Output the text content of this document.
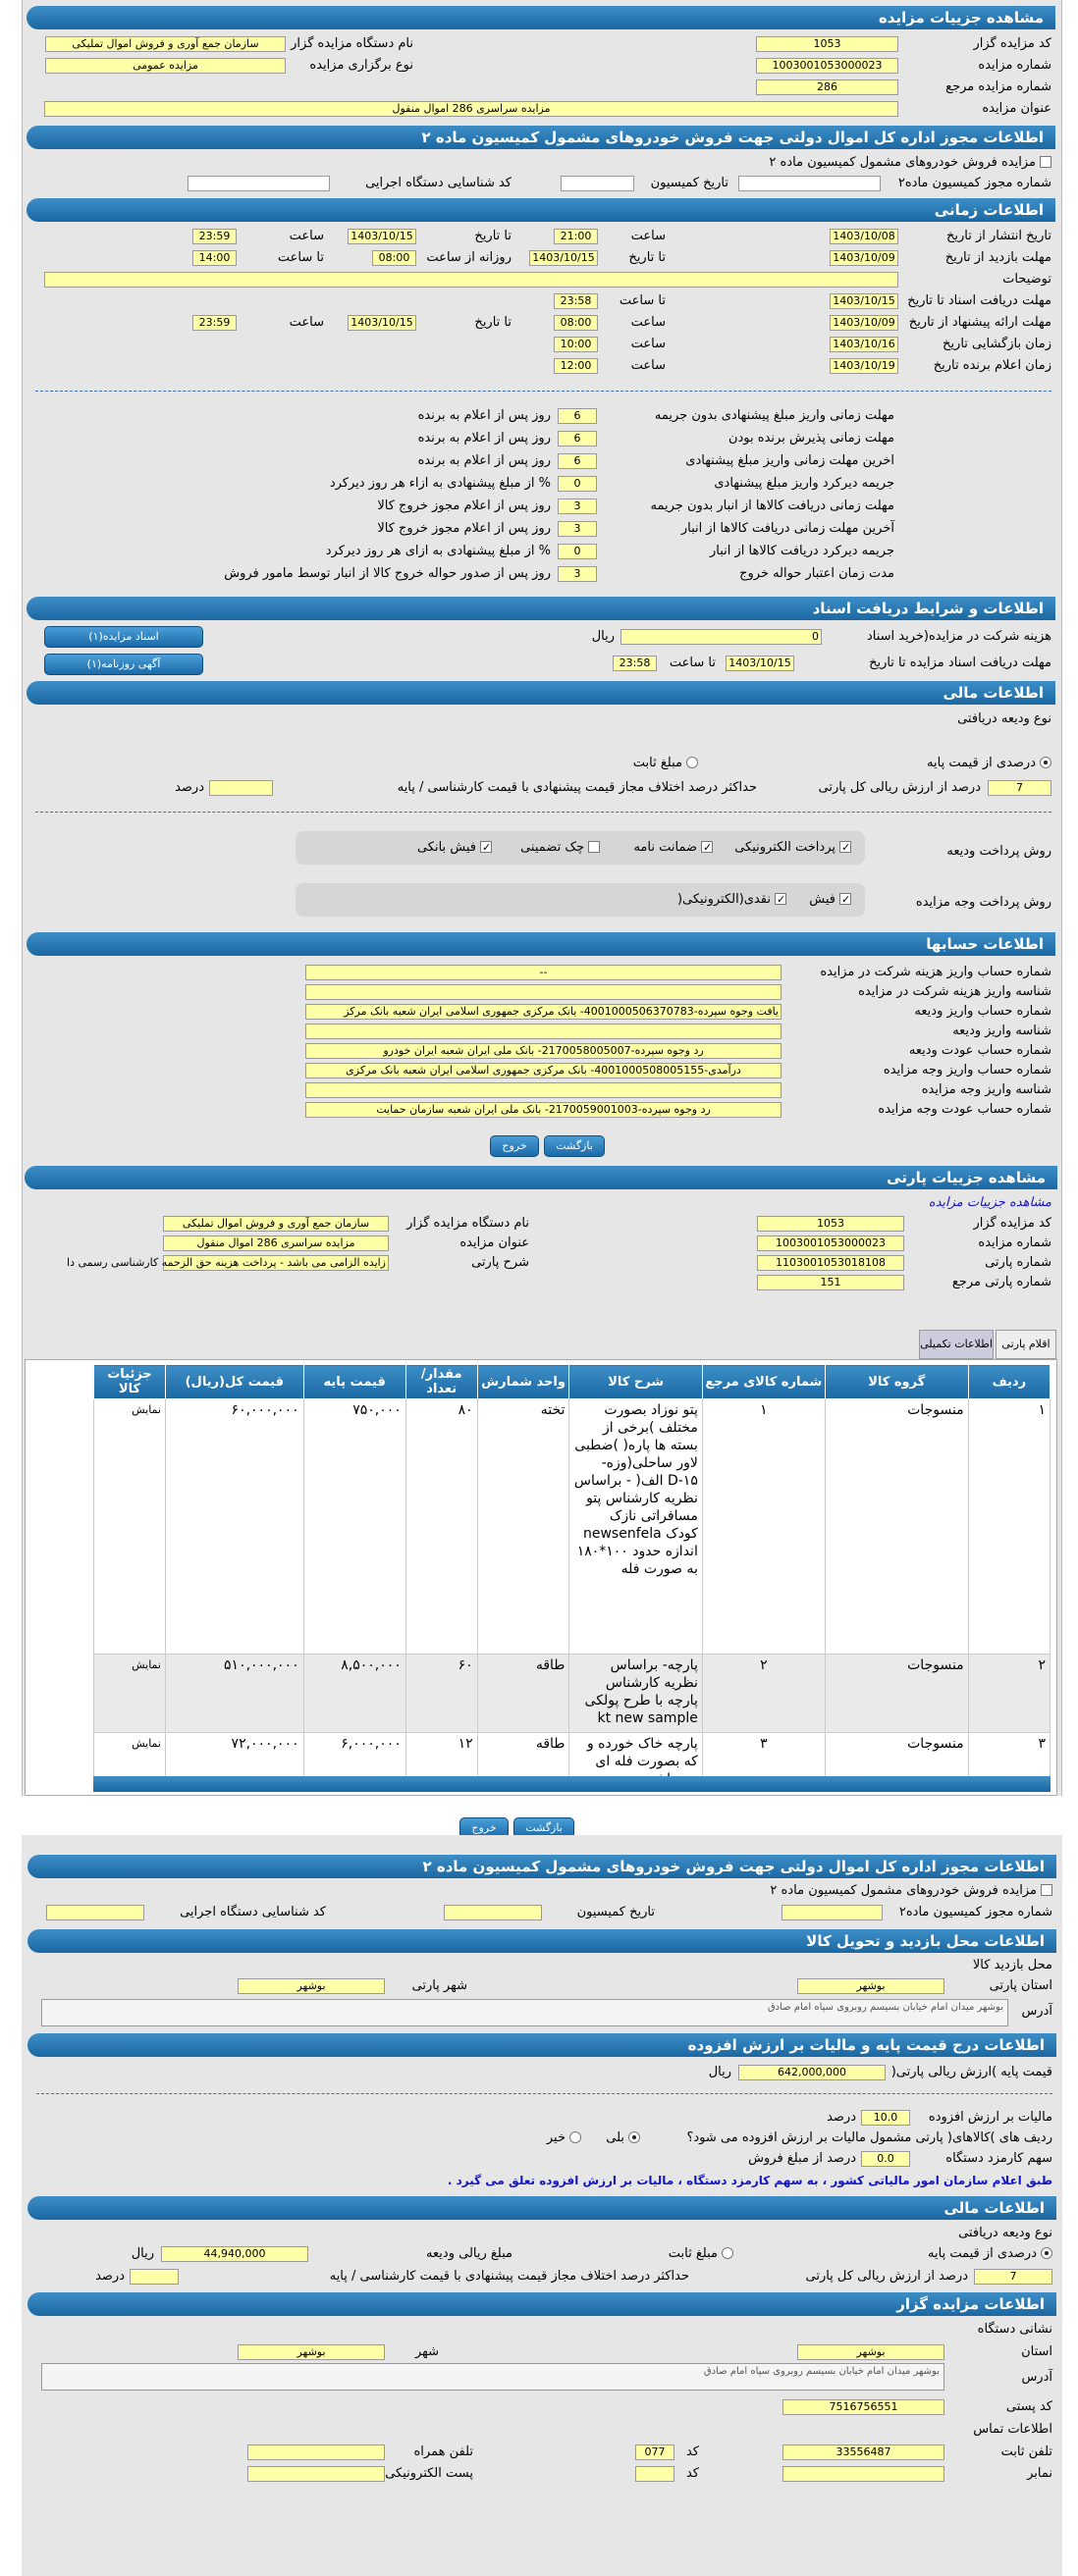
مشاهده جزییات مزایده
کد مزایده گزار
1053
نام دستگاه مزایده گزار
سازمان جمع آوری و فروش اموال تملیکی
شماره مزایده
1003001053000023
نوع برگزاری مزایده
مزایده عمومی
شماره مزایده مرجع
286
عنوان مزایده
مزایده سراسری 286 اموال منقول
اطلاعات مجوز اداره کل اموال دولتی جهت فروش خودروهای مشمول کمیسیون ماده ۲
مزایده فروش خودروهای مشمول کمیسیون ماده ۲
شماره مجوز کمیسیون ماده۲
تاریخ کمیسیون
کد شناسایی دستگاه اجرایی
اطلاعات زمانی
تاریخ انتشار از تاریخ
1403/10/08
ساعت
21:00
تا تاریخ
1403/10/15
ساعت
23:59
مهلت بازدید از تاریخ
1403/10/09
تا تاریخ
1403/10/15
روزانه از ساعت
08:00
تا ساعت
14:00
توضیحات
مهلت دریافت اسناد تا تاریخ
1403/10/15
تا ساعت
23:58
مهلت ارائه پیشنهاد از تاریخ
1403/10/09
ساعت
08:00
تا تاریخ
1403/10/15
ساعت
23:59
زمان بازگشایی تاریخ
1403/10/16
ساعت
10:00
زمان اعلام برنده تاریخ
1403/10/19
ساعت
12:00
مهلت زمانی واریز مبلغ پیشنهادی بدون جریمه
6
روز پس از اعلام به برنده
مهلت زمانی پذیرش برنده بودن
6
روز پس از اعلام به برنده
اخرین مهلت زمانی واریز مبلغ پیشنهادی
6
روز پس از اعلام به برنده
جریمه دیرکرد واریز مبلغ پیشنهادی
0
% از مبلغ پیشنهادی به ازاء هر روز دیرکرد
مهلت زمانی دریافت کالاها از انبار بدون جریمه
3
روز پس از اعلام مجوز خروج کالا
آخرین مهلت زمانی دریافت کالاها از انبار
3
روز پس از اعلام مجوز خروج کالا
جریمه دیرکرد دریافت کالاها از انبار
0
% از مبلغ پیشنهادی به ازای هر روز دیرکرد
مدت زمان اعتبار حواله خروج
3
روز پس از صدور حواله خروج کالا از انبار توسط مامور فروش
اطلاعات و شرایط دریافت اسناد
هزینه شرکت در مزایده(خرید اسناد
0
ریال
اسناد مزایده(۱)
مهلت دریافت اسناد مزایده تا تاریخ
1403/10/15
تا ساعت
23:58
آگهی روزنامه(۱)
اطلاعات مالی
نوع ودیعه دریافتی
درصدی از قیمت پایه
مبلغ ثابت
7
درصد از ارزش ریالی کل پارتی
حداکثر درصد اختلاف مجاز قیمت پیشنهادی با قیمت کارشناسی / پایه
درصد
روش پرداخت ودیعه
✓پرداخت الکترونیکی
✓ضمانت نامه
چک تضمینی
✓فیش بانکی
روش پرداخت وجه مزایده
✓فیش
✓نقدی(الکترونیکی(
اطلاعات حسابها
شماره حساب واریز هزینه شرکت در مزایده
--
شناسه واریز هزینه شرکت در مزایده
شماره حساب واریز ودیعه
یافت وجوه سپرده-4001000506370783- بانک مرکزی جمهوری اسلامی ایران شعبه بانک مرکز
شناسه واریز ودیعه
شماره حساب عودت ودیعه
رد وجوه سپرده-2170058005007- بانک ملی ایران شعبه ایران خودرو
شماره حساب واریز وجه مزایده
درآمدی-4001000508005155- بانک مرکزی جمهوری اسلامی ایران شعبه بانک مرکزی
شناسه واریز وجه مزایده
شماره حساب عودت وجه مزایده
رد وجوه سپرده-2170059001003- بانک ملی ایران شعبه سازمان حمایت
بازگشت
خروج
مشاهده جزییات پارتی
مشاهده جزییات مزایده
کد مزایده گزار
1053
نام دستگاه مزایده گزار
سازمان جمع آوری و فروش اموال تملیکی
شماره مزایده
1003001053000023
عنوان مزایده
مزایده سراسری 286 اموال منقول
شماره پارتی
1103001053018108
شرح پارتی
زایده الزامی می باشد - پرداخت هزینه حق الزحمه کارشناسی رسمی دا
شماره پارتی مرجع
151
اقلام پارتی
اطلاعات تکمیلی
ردیف	گروه کالا	شماره کالای مرجع	شرح کالا	واحد شمارش	مقدار/ تعداد	قیمت پایه	قیمت کل(ریال)	جزئیات کالا
۱	منسوجات	۱	پتو نوزاد بصورت مختلف )برخی از بسته ها پاره( )ضطبی لاور ساحلی(وزه-D-۱۵ الف( - براساس نظریه کارشناس پتو مسافراتی نازک کودک newsenfela اندازه حدود ۱۰۰*۱۸۰ به صورت فله	تخته	۸۰	۷۵۰,۰۰۰	۶۰,۰۰۰,۰۰۰	نمایش
۲	منسوجات	۲	پارچه- براساس نظریه کارشناس پارچه با طرح پولکی kt new sample	طاقه	۶۰	۸,۵۰۰,۰۰۰	۵۱۰,۰۰۰,۰۰۰	نمایش
۳	منسوجات	۳	پارچه خاک خورده و که بصورت فله ای	طاقه	۱۲	۶,۰۰۰,۰۰۰	۷۲,۰۰۰,۰۰۰	نمایش
بازگشت
خروج
اطلاعات مجوز اداره کل اموال دولتی جهت فروش خودروهای مشمول کمیسیون ماده ۲
مزایده فروش خودروهای مشمول کمیسیون ماده ۲
شماره مجوز کمیسیون ماده۲
تاریخ کمیسیون
کد شناسایی دستگاه اجرایی
اطلاعات محل بازدید و تحویل کالا
محل بازدید کالا
استان پارتی
بوشهر
شهر پارتی
بوشهر
آدرس
بوشهر میدان امام خیابان بسیسم روبروی سپاه امام صادق
اطلاعات درج قیمت پایه و مالیات بر ارزش افزوده
قیمت پایه )ارزش ریالی پارتی(
642,000,000
ریال
مالیات بر ارزش افزوده
10.0
درصد
ردیف های )کالاهای( پارتی مشمول مالیات بر ارزش افزوده می شود؟
بلی
خیر
سهم کارمزد دستگاه
0.0
درصد از مبلغ فروش
طبق اعلام سازمان امور مالیاتی کشور ، به سهم کارمزد دستگاه ، مالیات بر ارزش افزوده تعلق می گیرد .
اطلاعات مالی
نوع ودیعه دریافتی
درصدی از قیمت پایه
مبلغ ثابت
مبلغ ریالی ودیعه
44,940,000
ریال
7
درصد از ارزش ریالی کل پارتی
حداکثر درصد اختلاف مجاز قیمت پیشنهادی با قیمت کارشناسی / پایه
درصد
اطلاعات مزایده گزار
نشانی دستگاه
استان
بوشهر
شهر
بوشهر
آدرس
بوشهر میدان امام خیابان بسیسم روبروی سپاه امام صادق
کد پستی
7516756551
اطلاعات تماس
تلفن ثابت
33556487
کد
077
تلفن همراه
نمابر
کد
پست الکترونیکی
